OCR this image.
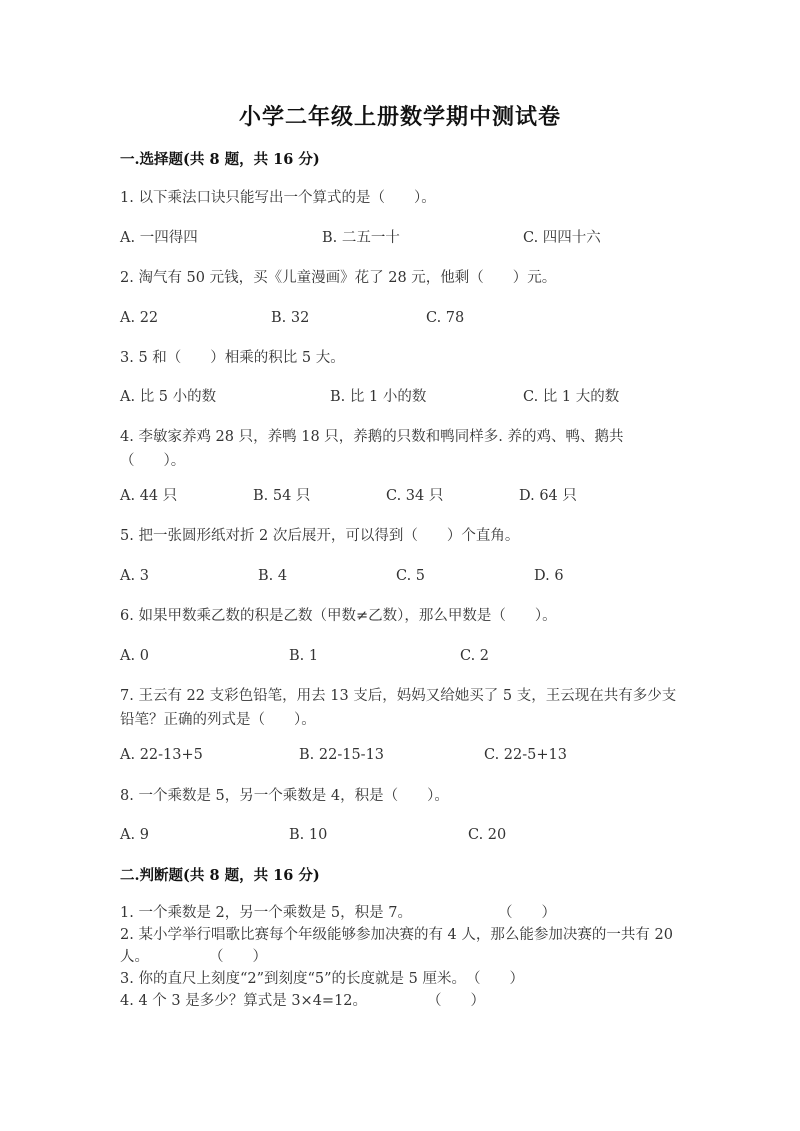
小学二年级上册数学期中测试卷
一.选择题(共 8 题，共 16 分)
1. 以下乘法口诀只能写出一个算式的是（　　）。
A. 一四得四	B. 二五一十	C. 四四十六
2. 淘气有 50 元钱，买《儿童漫画》花了 28 元，他剩（　　）元。
A. 22	B. 32	C. 78
3. 5 和（　　）相乘的积比 5 大。
A. 比 5 小的数	B. 比 1 小的数	C. 比 1 大的数
4. 李敏家养鸡 28 只，养鸭 18 只，养鹅的只数和鸭同样多. 养的鸡、鸭、鹅共（　　）。
A. 44 只	B. 54 只	C. 34 只	D. 64 只
5. 把一张圆形纸对折 2 次后展开，可以得到（　　）个直角。
A. 3	B. 4	C. 5	D. 6
6. 如果甲数乘乙数的积是乙数（甲数≠乙数），那么甲数是（　　）。
A. 0	B. 1	C. 2
7. 王云有 22 支彩色铅笔，用去 13 支后，妈妈又给她买了 5 支，王云现在共有多少支铅笔？正确的列式是（　　）。
A. 22-13+5	B. 22-15-13	C. 22-5+13
8. 一个乘数是 5，另一个乘数是 4，积是（　　）。
A. 9	B. 10	C. 20
二.判断题(共 8 题，共 16 分)
1. 一个乘数是 2，另一个乘数是 5，积是 7。	（　　）
2. 某小学举行唱歌比赛每个年级能够参加决赛的有 4 人，那么能参加决赛的一共有 20 人。	（　　）
3. 你的直尺上刻度“2”到刻度“5”的长度就是 5 厘米。（　　）
4. 4 个 3 是多少？算式是 3×4=12。	（　　）
